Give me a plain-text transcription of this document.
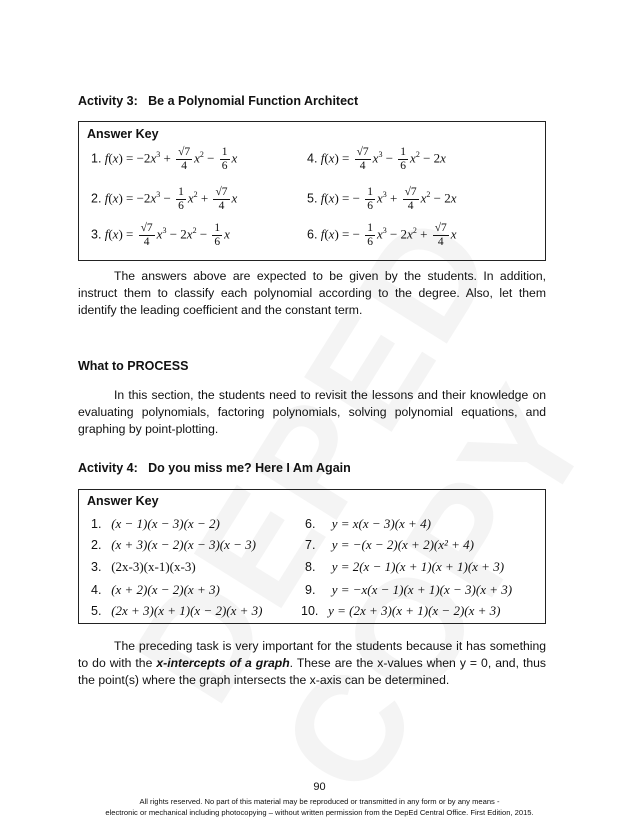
Activity 3:   Be a Polynomial Function Architect
Answer Key
1. $f(x) = -2x^3 + \frac{√7}{4} x^2 - \frac{1}{6}$ x
2. $f(x) = -2x^3 - \frac{1}{6} x^2 + \frac{√7}{4}$ x
3. $f(x) = \frac{√7}{4} x^3 - 2x^2 - \frac{1}{6}$ x
4. $f(x) = \frac{√7}{4} x^3 - \frac{1}{6} x^2 - 2x$
5. f(x) = − $\frac{1}{6} x^3 + \frac{√7}{4} x^2 - 2x$
6. f(x) = − $\frac{1}{6} x^3 - 2x^2 + \frac{√7}{4}$ x
The answers above are expected to be given by the students. In addition, instruct them to classify each polynomial according to the degree. Also, let them identify the leading coefficient and the constant term.
What to PROCESS
In this section, the students need to revisit the lessons and their knowledge on evaluating polynomials, factoring polynomials, solving polynomial equations, and graphing by point-plotting.
Activity 4:   Do you miss me? Here I Am Again
Answer Key
1. (x − 1)(x − 3)(x − 2)
2. (x + 3)(x − 2)(x − 3)(x − 3)
3. (2x-3)(x-1)(x-3)
4. (x + 2)(x − 2)(x + 3)
5. (2x + 3)(x + 1)(x − 2)(x + 3)
6. y = x(x − 3)(x + 4)
7. y = −(x − 2)(x + 2)(x² + 4)
8. y = 2(x − 1)(x + 1)(x + 1)(x + 3)
9. y = −x(x − 1)(x + 1)(x − 3)(x + 3)
10. y = (2x + 3)(x + 1)(x − 2)(x + 3)
The preceding task is very important for the students because it has something to do with the x-intercepts of a graph. These are the x-values when y = 0, and, thus the point(s) where the graph intersects the x-axis can be determined.
90
All rights reserved. No part of this material may be reproduced or transmitted in any form or by any means -
electronic or mechanical including photocopying – without written permission from the DepEd Central Office. First Edition, 2015.
